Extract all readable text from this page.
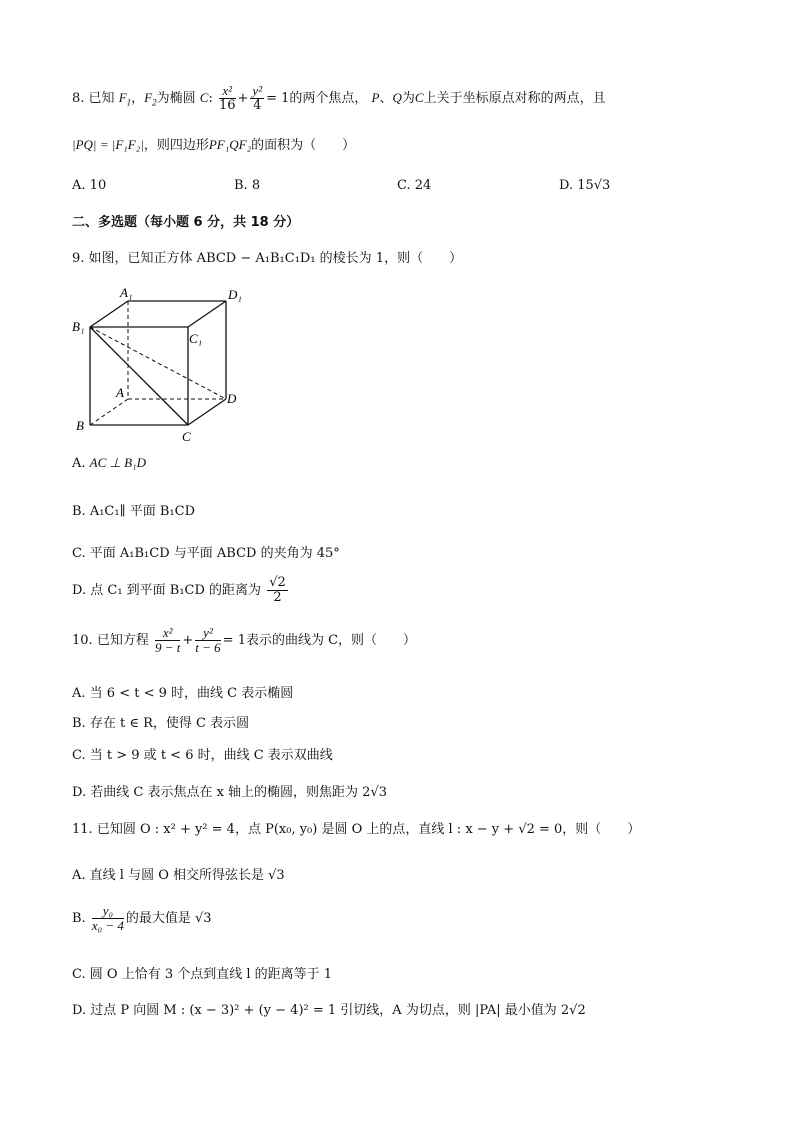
8. 已知 $F_1$，$F_2$为椭圆 C: $\frac{\text{x²}}{16} + \frac{\text{y²}}{4} = 1$的两个焦点， P、Q为C上关于坐标原点对称的两点，且
|PQ| = |F₁F₂|，则四边形PF₁QF₂的面积为（　　）
A. 10	B. 8	C. 24	D. 15√3
二、多选题（每小题 6 分，共 18 分）
9. 如图，已知正方体 ABCD − A₁B₁C₁D₁ 的棱长为 1，则（　　）
A₁	D₁
B₁
C₁
A	D
B
C
A. AC ⊥ B₁D
B. A₁C₁∥ 平面 B₁CD
C. 平面 A₁B₁CD 与平面 ABCD 的夹角为 45°
D. 点 C₁ 到平面 B₁CD 的距离为 $\frac{√2}{2}$
10. 已知方程 $\frac{\text{x²}}{9 - t} + \frac{\text{y²}}{t - 6} = 1$表示的曲线为 C，则（　　）
A. 当 6 < t < 9 时，曲线 C 表示椭圆
B. 存在 t ∈ R，使得 C 表示圆
C. 当 t > 9 或 t < 6 时，曲线 C 表示双曲线
D. 若曲线 C 表示焦点在 x 轴上的椭圆，则焦距为 2√3
11. 已知圆 O : x² + y² = 4，点 P(x₀, y₀) 是圆 O 上的点，直线 l : x − y + √2 = 0，则（　　）
A. 直线 l 与圆 O 相交所得弦长是 √3
B. $\frac{\text{y₀}}{\text{x₀ − 4}}$ 的最大值是 √3
C. 圆 O 上恰有 3 个点到直线 l 的距离等于 1
D. 过点 P 向圆 M : (x − 3)² + (y − 4)² = 1 引切线，A 为切点，则 |PA| 最小值为 2√2
